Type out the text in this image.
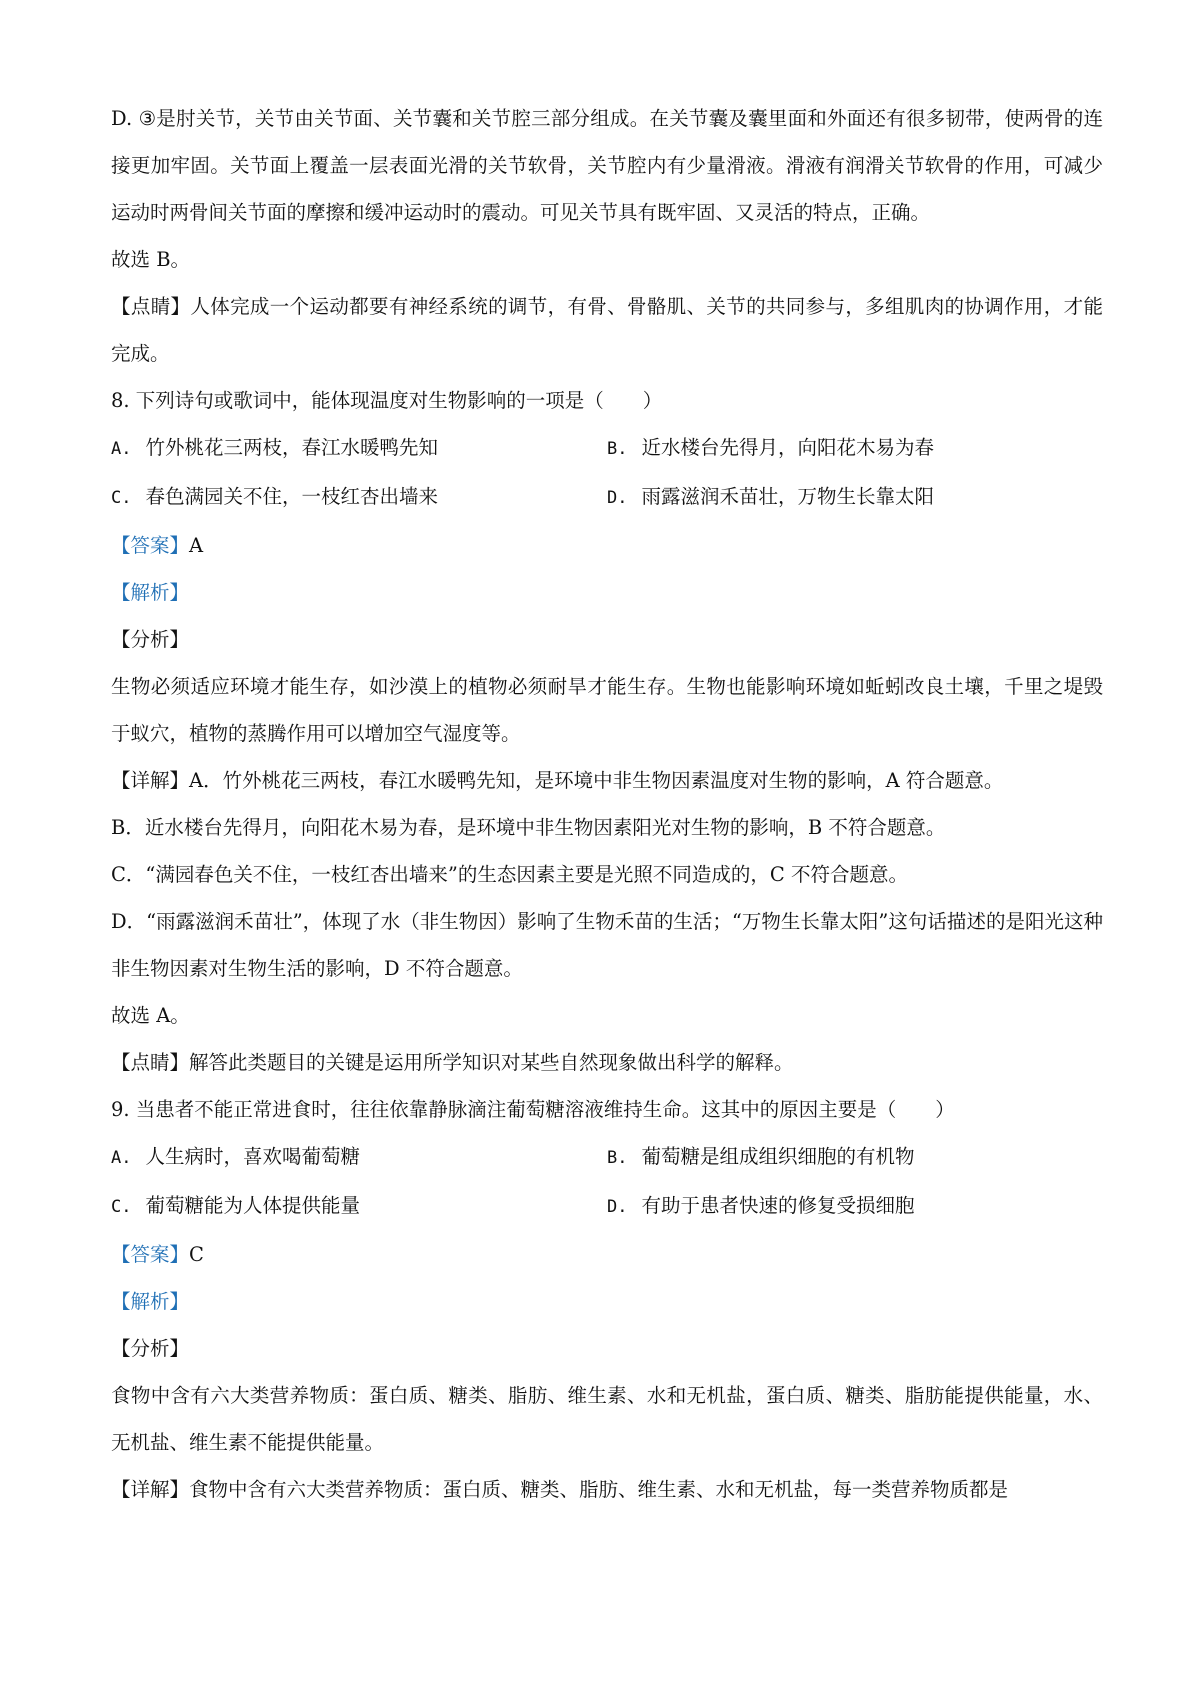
D. ③是肘关节，关节由关节面、关节囊和关节腔三部分组成。在关节囊及囊里面和外面还有很多韧带，使两骨的连接更加牢固。关节面上覆盖一层表面光滑的关节软骨，关节腔内有少量滑液。滑液有润滑关节软骨的作用，可减少运动时两骨间关节面的摩擦和缓冲运动时的震动。可见关节具有既牢固、又灵活的特点，正确。

故选 B。

【点睛】人体完成一个运动都要有神经系统的调节，有骨、骨骼肌、关节的共同参与，多组肌肉的协调作用，才能完成。

8. 下列诗句或歌词中，能体现温度对生物影响的一项是（　　）

A. 竹外桃花三两枝，春江水暖鸭先知	B. 近水楼台先得月，向阳花木易为春
C. 春色满园关不住，一枝红杏出墙来	D. 雨露滋润禾苗壮，万物生长靠太阳

【答案】A

【解析】

【分析】

生物必须适应环境才能生存，如沙漠上的植物必须耐旱才能生存。生物也能影响环境如蚯蚓改良土壤，千里之堤毁于蚁穴，植物的蒸腾作用可以增加空气湿度等。

【详解】A．竹外桃花三两枝，春江水暖鸭先知，是环境中非生物因素温度对生物的影响，A 符合题意。

B．近水楼台先得月，向阳花木易为春，是环境中非生物因素阳光对生物的影响，B 不符合题意。

C．“满园春色关不住，一枝红杏出墙来”的生态因素主要是光照不同造成的，C 不符合题意。

D．“雨露滋润禾苗壮”，体现了水（非生物因）影响了生物禾苗的生活；“万物生长靠太阳”这句话描述的是阳光这种非生物因素对生物生活的影响，D 不符合题意。

故选 A。

【点睛】解答此类题目的关键是运用所学知识对某些自然现象做出科学的解释。

9. 当患者不能正常进食时，往往依靠静脉滴注葡萄糖溶液维持生命。这其中的原因主要是（　　）

A. 人生病时，喜欢喝葡萄糖	B. 葡萄糖是组成组织细胞的有机物
C. 葡萄糖能为人体提供能量	D. 有助于患者快速的修复受损细胞

【答案】C

【解析】

【分析】

食物中含有六大类营养物质：蛋白质、糖类、脂肪、维生素、水和无机盐，蛋白质、糖类、脂肪能提供能量，水、无机盐、维生素不能提供能量。

【详解】食物中含有六大类营养物质：蛋白质、糖类、脂肪、维生素、水和无机盐，每一类营养物质都是
